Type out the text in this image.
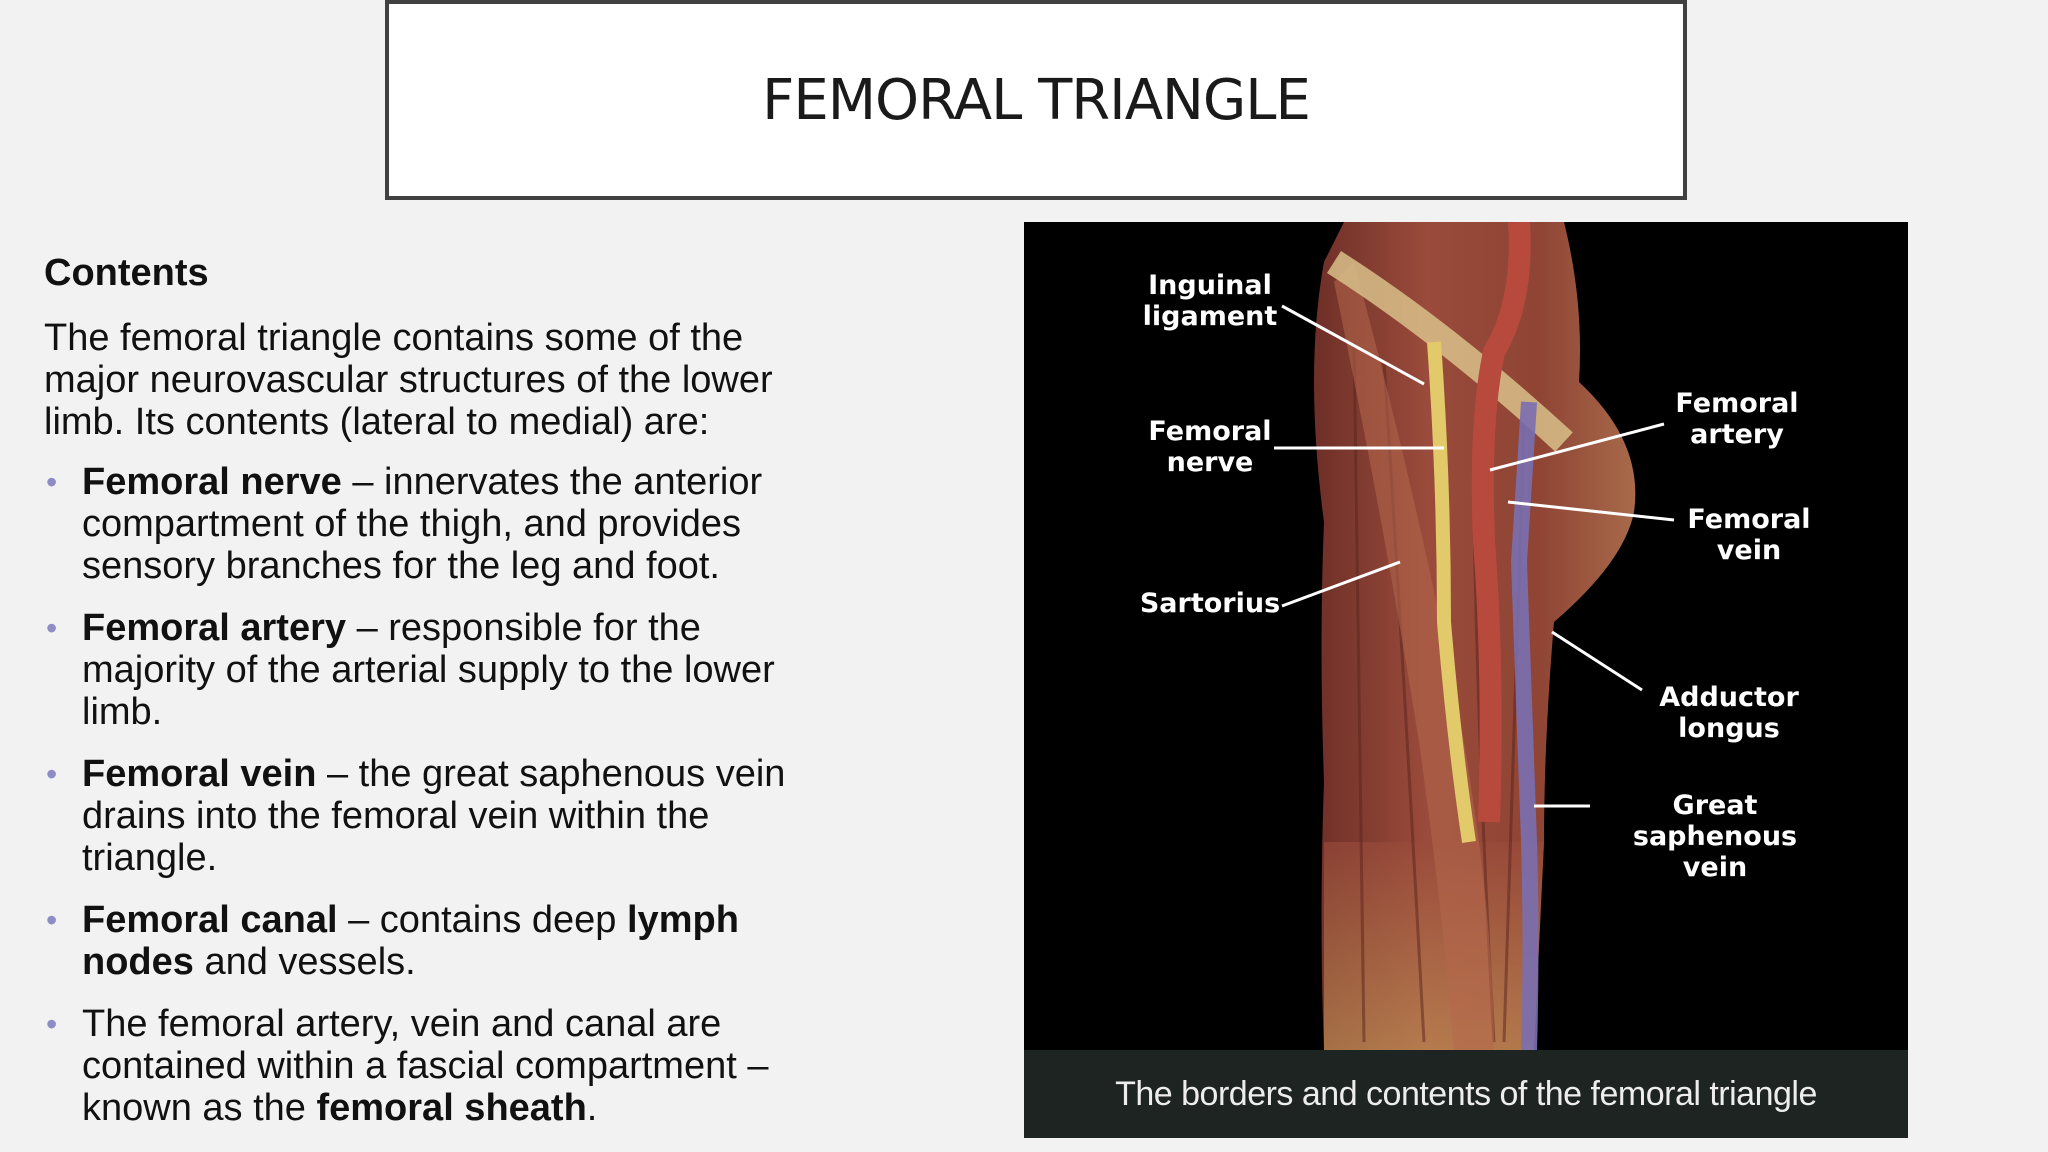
FEMORAL TRIANGLE

Contents

The femoral triangle contains some of the major neurovascular structures of the lower limb. Its contents (lateral to medial) are:

• Femoral nerve – innervates the anterior compartment of the thigh, and provides sensory branches for the leg and foot.
• Femoral artery – responsible for the majority of the arterial supply to the lower limb.
• Femoral vein – the great saphenous vein drains into the femoral vein within the triangle.
• Femoral canal – contains deep lymph nodes and vessels.
• The femoral artery, vein and canal are contained within a fascial compartment – known as the femoral sheath.
Inguinal
ligament
Femoral
nerve
Sartorius
Femoral
artery
Femoral
vein
Adductor
longus
Great saphenous
vein
The borders and contents of the femoral triangle
